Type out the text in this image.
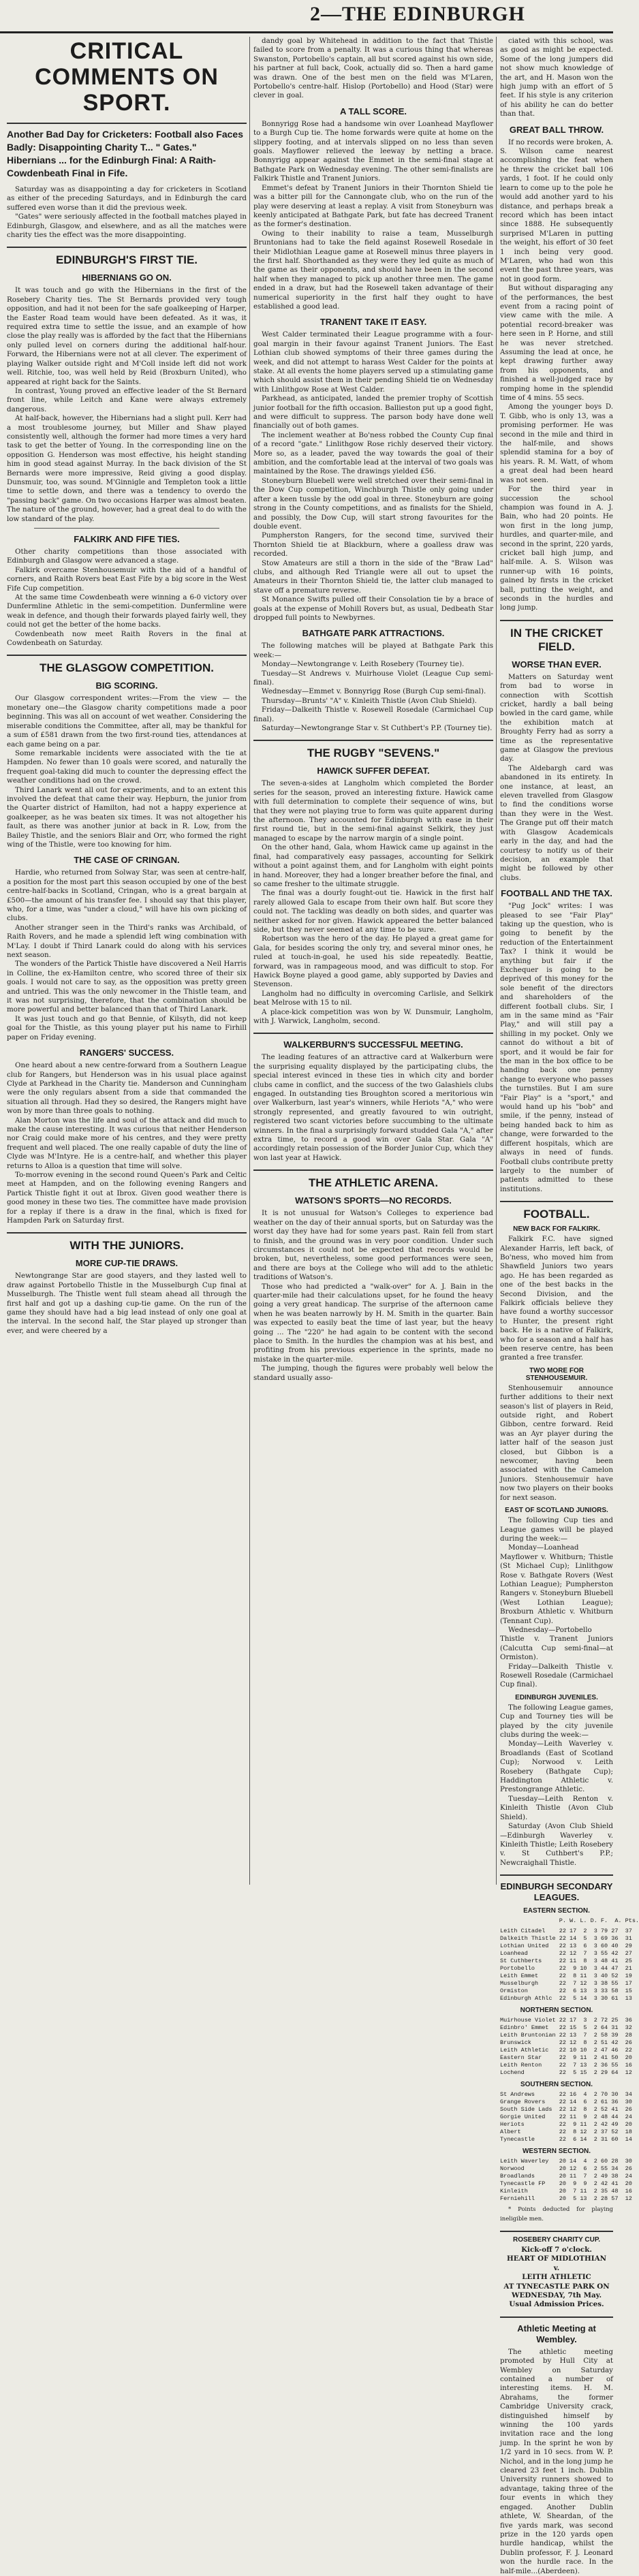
2—THE EDINBURGH
CRITICAL COMMENTS ON SPORT.
Another Bad Day for Cricketers: Football also Faces Badly: Disappointing Charity T... " Gates." Hibernians ... for the Edinburgh Final: A Raith-Cowdenbeath Final in Fife.
Saturday was as disappointing a day for cricketers in Scotland as either of the preceding Saturdays, and in Edinburgh the card suffered even worse than it did the previous week.
"Gates" were seriously affected in the football matches played in Edinburgh, Glasgow, and elsewhere, and as all the matches were charity ties the effect was the more disappointing.
EDINBURGH'S FIRST TIE.
HIBERNIANS GO ON.
It was touch and go with the Hibernians in the first of the Rosebery Charity ties. The St Bernards provided very tough opposition, and had it not been for the safe goalkeeping of Harper, the Easter Road team would have been defeated. As it was, it required extra time to settle the issue, and an example of how close the play really was is afforded by the fact that the Hibernians only pulled level on corners during the additional half-hour. Forward, the Hibernians were not at all clever. The experiment of playing Walker outside right and M'Coll inside left did not work well. Ritchie, too, was well held by Reid (Broxburn United), who appeared at right back for the Saints.
In contrast, Young proved an effective leader of the St Bernard front line, while Leitch and Kane were always extremely dangerous.
At half-back, however, the Hibernians had a slight pull. Kerr had a most troublesome journey, but Miller and Shaw played consistently well, although the former had more times a very hard task to get the better of Young. In the corresponding line on the opposition G. Henderson was most effective, his height standing him in good stead against Murray. In the back division of the St Bernards were more impressive, Reid giving a good display. Dunsmuir, too, was sound. M'Ginnigle and Templeton took a little time to settle down, and there was a tendency to overdo the "passing back" game. On two occasions Harper was almost beaten. The nature of the ground, however, had a great deal to do with the low standard of the play.
FALKIRK AND FIFE TIES.
Other charity competitions than those associated with Edinburgh and Glasgow were advanced a stage.
Falkirk overcame Stenhousemuir with the aid of a handful of corners, and Raith Rovers beat East Fife by a big score in the West Fife Cup competition.
At the same time Cowdenbeath were winning a 6-0 victory over Dunfermline Athletic in the semi-competition. Dunfermline were weak in defence, and though their forwards played fairly well, they could not get the better of the home backs.
Cowdenbeath now meet Raith Rovers in the final at Cowdenbeath on Saturday.
THE GLASGOW COMPETITION.
BIG SCORING.
Our Glasgow correspondent writes:—From the view — the monetary one—the Glasgow charity competitions made a poor beginning. This was all on account of wet weather. Considering the miserable conditions the Committee, after all, may be thankful for a sum of £581 drawn from the two first-round ties, attendances at each game being on a par.
Some remarkable incidents were associated with the tie at Hampden. No fewer than 10 goals were scored, and naturally the frequent goal-taking did much to counter the depressing effect the weather conditions had on the crowd.
Third Lanark went all out for experiments, and to an extent this involved the defeat that came their way. Hepburn, the junior from the Quarter district of Hamilton, had not a happy experience at goalkeeper, as he was beaten six times. It was not altogether his fault, as there was another junior at back in R. Low, from the Bailey Thistle, and the seniors Blair and Orr, who formed the right wing of the Thistle, were too knowing for him.
THE CASE OF CRINGAN.
Hardie, who returned from Solway Star, was seen at centre-half, a position for the most part this season occupied by one of the best centre-half-backs in Scotland, Cringan, who is a great bargain at £500—the amount of his transfer fee. I should say that this player, who, for a time, was "under a cloud," will have his own picking of clubs.
Another stranger seen in the Third's ranks was Archibald, of Raith Rovers, and he made a splendid left wing combination with M'Lay. I doubt if Third Lanark could do along with his services next season.
The wonders of the Partick Thistle have discovered a Neil Harris in Colline, the ex-Hamilton centre, who scored three of their six goals. I would not care to say, as the opposition was pretty green and untried. This was the only newcomer in the Thistle team, and it was not surprising, therefore, that the combination should be more powerful and better balanced than that of Third Lanark.
It was just touch and go that Bennie, of Kilsyth, did not keep goal for the Thistle, as this young player put his name to Firhill paper on Friday evening.
RANGERS' SUCCESS.
One heard about a new centre-forward from a Southern League club for Rangers, but Henderson was in his usual place against Clyde at Parkhead in the Charity tie. Manderson and Cunningham were the only regulars absent from a side that commanded the situation all through. Had they so desired, the Rangers might have won by more than three goals to nothing.
Alan Morton was the life and soul of the attack and did much to make the cause interesting. It was curious that neither Henderson nor Craig could make more of his centres, and they were pretty frequent and well placed. The one really capable of duty the line of Clyde was M'Intyre. He is a centre-half, and whether this player returns to Alloa is a question that time will solve.
To-morrow evening in the second round Queen's Park and Celtic meet at Hampden, and on the following evening Rangers and Partick Thistle fight it out at Ibrox. Given good weather there is good money in these two ties. The committee have made provision for a replay if there is a draw in the final, which is fixed for Hampden Park on Saturday first.
WITH THE JUNIORS.
MORE CUP-TIE DRAWS.
Newtongrange Star are good stayers, and they lasted well to draw against Portobello Thistle in the Musselburgh Cup final at Musselburgh. The Thistle went full steam ahead all through the first half and got up a dashing cup-tie game. On the run of the game they should have had a big lead instead of only one goal at the interval. In the second half, the Star played up stronger than ever, and were cheered by a
dandy goal by Whitehead in addition to the fact that Thistle failed to score from a penalty. It was a curious thing that whereas Swanston, Portobello's captain, all but scored against his own side, his partner at full back, Cook, actually did so. Then a hard game was drawn. One of the best men on the field was M'Laren, Portobello's centre-half. Hislop (Portobello) and Hood (Star) were clever in goal.
A TALL SCORE.
Bonnyrigg Rose had a handsome win over Loanhead Mayflower to a Burgh Cup tie. The home forwards were quite at home on the slippery footing, and at intervals slipped on no less than seven goals. Mayflower relieved the leeway by netting a brace. Bonnyrigg appear against the Emmet in the semi-final stage at Bathgate Park on Wednesday evening. The other semi-finalists are Falkirk Thistle and Tranent Juniors.
Emmet's defeat by Tranent Juniors in their Thornton Shield tie was a bitter pill for the Cannongate club, who on the run of the play were deserving at least a replay. A visit from Stoneyburn was keenly anticipated at Bathgate Park, but fate has decreed Tranent as the former's destination.
Owing to their inability to raise a team, Musselburgh Bruntonians had to take the field against Rosewell Rosedale in their Midlothian League game at Rosewell minus three players in the first half. Shorthanded as they were they led quite as much of the game as their opponents, and should have been in the second half when they managed to pick up another three men. The game ended in a draw, but had the Rosewell taken advantage of their numerical superiority in the first half they ought to have established a good lead.
TRANENT TAKE IT EASY.
West Calder terminated their League programme with a four-goal margin in their favour against Tranent Juniors. The East Lothian club showed symptoms of their three games during the week, and did not attempt to harass West Calder for the points at stake. At all events the home players served up a stimulating game which should assist them in their pending Shield tie on Wednesday with Linlithgow Rose at West Calder.
Parkhead, as anticipated, landed the premier trophy of Scottish junior football for the fifth occasion. Ballieston put up a good fight, and were difficult to suppress. The parson body have done well financially out of both games.
The inclement weather at Bo'ness robbed the County Cup final of a record "gate." Linlithgow Rose richly deserved their victory. More so, as a leader, paved the way towards the goal of their ambition, and the comfortable lead at the interval of two goals was maintained by the Rose. The drawings yielded £56.
Stoneyburn Bluebell were well stretched over their semi-final in the Dow Cup competition, Winchburgh Thistle only going under after a keen tussle by the odd goal in three. Stoneyburn are going strong in the County competitions, and as finalists for the Shield, and possibly, the Dow Cup, will start strong favourites for the double event.
Pumpherston Rangers, for the second time, survived their Thornton Shield tie at Blackburn, where a goalless draw was recorded.
Stow Amateurs are still a thorn in the side of the "Braw Lad" clubs, and although Red Triangle were all out to upset the Amateurs in their Thornton Shield tie, the latter club managed to stave off a premature reverse.
St Monance Swifts pulled off their Consolation tie by a brace of goals at the expense of Mohill Rovers but, as usual, Dedbeath Star dropped full points to Newbyrnes.
BATHGATE PARK ATTRACTIONS.
The following matches will be played at Bathgate Park this week:—
Monday—Newtongrange v. Leith Rosebery (Tourney tie).
Tuesday—St Andrews v. Muirhouse Violet (League Cup semi-final).
Wednesday—Emmet v. Bonnyrigg Rose (Burgh Cup semi-final).
Thursday—Brunts' "A" v. Kinleith Thistle (Avon Club Shield).
Friday—Dalkeith Thistle v. Rosewell Rosedale (Carmichael Cup final).
Saturday—Newtongrange Star v. St Cuthbert's P.P. (Tourney tie).
THE RUGBY "SEVENS."
HAWICK SUFFER DEFEAT.
The seven-a-sides at Langholm which completed the Border series for the season, proved an interesting fixture. Hawick came with full determination to complete their sequence of wins, but that they were not playing true to form was quite apparent during the afternoon. They accounted for Edinburgh with ease in their first round tie, but in the semi-final against Selkirk, they just managed to escape by the narrow margin of a single point.
On the other hand, Gala, whom Hawick came up against in the final, had comparatively easy passages, accounting for Selkirk without a point against them, and for Langholm with eight points in hand. Moreover, they had a longer breather before the final, and so came fresher to the ultimate struggle.
The final was a dourly fought-out tie. Hawick in the first half rarely allowed Gala to escape from their own half. But score they could not. The tackling was deadly on both sides, and quarter was neither asked for nor given. Hawick appeared the better balanced side, but they never seemed at any time to be sure.
Robertson was the hero of the day. He played a great game for Gala, for besides scoring the only try, and several minor ones, he ruled at touch-in-goal, he used his side repeatedly. Beattie, forward, was in rampageous mood, and was difficult to stop. For Hawick Boyne played a good game, ably supported by Davies and Stevenson.
Langholm had no difficulty in overcoming Carlisle, and Selkirk beat Melrose with 15 to nil.
A place-kick competition was won by W. Dunsmuir, Langholm, with J. Warwick, Langholm, second.
WALKERBURN'S SUCCESSFUL MEETING.
The leading features of an attractive card at Walkerburn were the surprising equality displayed by the participating clubs, the special interest evinced in these ties in which city and border clubs came in conflict, and the success of the two Galashiels clubs engaged. In outstanding ties Broughton scored a meritorious win over Walkerburn, last year's winners, while Heriots "A," who were strongly represented, and greatly favoured to win outright, registered two scant victories before succumbing to the ultimate winners. In the final a surprisingly forward studded Gala "A," after extra time, to record a good win over Gala Star. Gala "A" accordingly retain possession of the Border Junior Cup, which they won last year at Hawick.
THE ATHLETIC ARENA.
WATSON'S SPORTS—NO RECORDS.
It is not unusual for Watson's Colleges to experience bad weather on the day of their annual sports, but on Saturday was the worst day they have had for some years past. Rain fell from start to finish, and the ground was in very poor condition. Under such circumstances it could not be expected that records would be broken, but, nevertheless, some good performances were seen, and there are boys at the College who will add to the athletic traditions of Watson's.
Those who had predicted a "walk-over" for A. J. Bain in the quarter-mile had their calculations upset, for he found the heavy going a very great handicap. The surprise of the afternoon came when he was beaten narrowly by H. M. Smith in the quarter. Bain was expected to easily beat the time of last year, but the heavy going ... The "220" he had again to be content with the second place to Smith. In the hurdles the champion was at his best, and profiting from his previous experience in the sprints, made no mistake in the quarter-mile.
The jumping, though the figures were probably well below the standard usually asso-
ciated with this school, was as good as might be expected. Some of the long jumpers did not show much knowledge of the art, and H. Mason won the high jump with an effort of 5 feet. If his style is any criterion of his ability he can do better than that.
GREAT BALL THROW.
If no records were broken, A. S. Wilson came nearest accomplishing the feat when he threw the cricket ball 106 yards, 1 foot. If he could only learn to come up to the pole he would add another yard to his distance, and perhaps break a record which has been intact since 1888. He subsequently surprised M'Laren in putting the weight, his effort of 30 feet 1 inch being very good. M'Laren, who had won this event the past three years, was not in good form.
But without disparaging any of the performances, the best event from a racing point of view came with the mile. A potential record-breaker was here seen in P. Horne, and still he was never stretched. Assuming the lead at once, he kept drawing further away from his opponents, and finished a well-judged race by romping home in the splendid time of 4 mins. 55 secs.
Among the younger boys D. T. Gibb, who is only 13, was a promising performer. He was second in the mile and third in the half-mile, and shows splendid stamina for a boy of his years. R. M. Watt, of whom a great deal had been heard was not seen.
For the third year in succession the school champion was found in A. J. Bain, who had 20 points. He won first in the long jump, hurdles, and quarter-mile, and second in the sprint, 220 yards, cricket ball high jump, and half-mile. A. S. Wilson was runner-up with 16 points, gained by firsts in the cricket ball, putting the weight, and seconds in the hurdles and long jump.
IN THE CRICKET FIELD.
WORSE THAN EVER.
Matters on Saturday went from bad to worse in connection with Scottish cricket, hardly a ball being bowled in the card game, while the exhibition match at Broughty Ferry had as sorry a time as the representative game at Glasgow the previous day.
The Aldebargh card was abandoned in its entirety. In one instance, at least, an eleven travelled from Glasgow to find the conditions worse than they were in the West. The Grange put off their match with Glasgow Academicals early in the day, and had the courtesy to notify us of their decision, an example that might be followed by other clubs.
FOOTBALL AND THE TAX.
"Pug Jock" writes: I was pleased to see "Fair Play" taking up the question, who is going to benefit by the reduction of the Entertainment Tax? I think it would be anything but fair if the Exchequer is going to be deprived of this money for the sole benefit of the directors and shareholders of the different football clubs. Sir, I am in the same mind as "Fair Play," and will still pay a shilling in my pocket. Only we cannot do without a bit of sport, and it would be fair for the man in the box office to be handing back one penny change to everyone who passes the turnstiles. But I am sure "Fair Play" is a "sport," and would hand up his "bob" and smile, if the penny, instead of being handed back to him as change, were forwarded to the different hospitals, which are always in need of funds. Football clubs contribute pretty largely to the number of patients admitted to these institutions.
FOOTBALL.
NEW BACK FOR FALKIRK.
Falkirk F.C. have signed Alexander Harris, left back, of Bo'ness, who moved him from Shawfield Juniors two years ago. He has been regarded as one of the best backs in the Second Division, and the Falkirk officials believe they have found a worthy successor to Hunter, the present right back. He is a native of Falkirk, who for a season and a half has been reserve centre, has been granted a free transfer.
TWO MORE FOR STENHOUSEMUIR.
Stenhousemuir announce further additions to their next season's list of players in Reid, outside right, and Robert Gibbon, centre forward. Reid was an Ayr player during the latter half of the season just closed, but Gibbon is a newcomer, having been associated with the Camelon Juniors. Stenhousemuir have now two players on their books for next season.
EAST OF SCOTLAND JUNIORS.
The following Cup ties and League games will be played during the week:—
Monday—Loanhead Mayflower v. Whitburn; Thistle (St Michael Cup); Linlithgow Rose v. Bathgate Rovers (West Lothian League); Pumpherston Rangers v. Stoneyburn Bluebell (West Lothian League); Broxburn Athletic v. Whitburn (Tennant Cup).
Wednesday—Portobello Thistle v. Tranent Juniors (Calcutta Cup semi-final—at Ormiston).
Friday—Dalkeith Thistle v. Rosewell Rosedale (Carmichael Cup final).
EDINBURGH JUVENILES.
The following League games, Cup and Tourney ties will be played by the city juvenile clubs during the week:—
Monday—Leith Waverley v. Broadlands (East of Scotland Cup); Norwood v. Leith Rosebery (Bathgate Cup); Haddington Athletic v. Prestongrange Athletic.
Tuesday—Leith Renton v. Kinleith Thistle (Avon Club Shield).
Saturday (Avon Club Shield—Edinburgh Waverley v. Kinleith Thistle; Leith Rosebery v. St Cuthbert's P.P.; Newcraighall Thistle.
EDINBURGH SECONDARY LEAGUES.
EASTERN SECTION.
P. W. L. D. F.  A. Pts.
Leith Citadel    22 17  2  3 79 27  37
Dalkeith Thistle 22 14  5  3 69 36  31
Lothian United   22 13  6  3 60 40  29
Loanhead         22 12  7  3 55 42  27
St Cuthberts     22 11  8  3 48 41  25
Portobello       22  9 10  3 44 47  21
Leith Emmet      22  8 11  3 40 52  19
Musselburgh      22  7 12  3 38 55  17
Ormiston         22  6 13  3 33 58  15
Edinburgh Athlc  22  5 14  3 30 61  13
NORTHERN SECTION.
Muirhouse Violet 22 17  3  2 72 25  36
Edinbro' Emmet   22 15  5  2 64 31  32
Leith Bruntonian 22 13  7  2 58 39  28
Brunswick        22 12  8  2 51 42  26
Leith Athletic   22 10 10  2 47 46  22
Eastern Star     22  9 11  2 41 50  20
Leith Renton     22  7 13  2 36 55  16
Lochend          22  5 15  2 29 64  12
SOUTHERN SECTION.
St Andrews       22 16  4  2 70 30  34
Grange Rovers    22 14  6  2 61 36  30
South Side Lads  22 12  8  2 52 41  26
Gorgie United    22 11  9  2 48 44  24
Heriots          22  9 11  2 42 49  20
Albert           22  8 12  2 37 52  18
Tynecastle       22  6 14  2 31 60  14
WESTERN SECTION.
Leith Waverley   20 14  4  2 60 28  30
Norwood          20 12  6  2 55 34  26
Broadlands       20 11  7  2 49 38  24
Tynecastle FP    20  9  9  2 42 41  20
Kinleith         20  7 11  2 35 48  16
Ferniehill       20  5 13  2 28 57  12
* Points deducted for playing ineligible men.
ROSEBERY CHARITY CUP.
Kick-off 7 o'clock.
HEART OF MIDLOTHIAN
v.
LEITH ATHLETIC
AT TYNECASTLE PARK ON WEDNESDAY, 7th May.
Usual Admission Prices.
Athletic Meeting at Wembley.
The athletic meeting promoted by Hull City at Wembley on Saturday contained a number of interesting items. H. M. Abrahams, the former Cambridge University crack, distinguished himself by winning the 100 yards invitation race and the long jump. In the sprint he won by 1/2 yard in 10 secs. from W. P. Nichol, and in the long jump he cleared 23 feet 1 inch. Dublin University runners showed to advantage, taking three of the four events in which they engaged. Another Dublin athlete, W. Sheardan, of the five yards mark, was second prize in the 120 yards open hurdle handicap, whilst the Dublin professor, F. J. Leonard won the hurdle race. In the half-mile...(Aberdeen).
